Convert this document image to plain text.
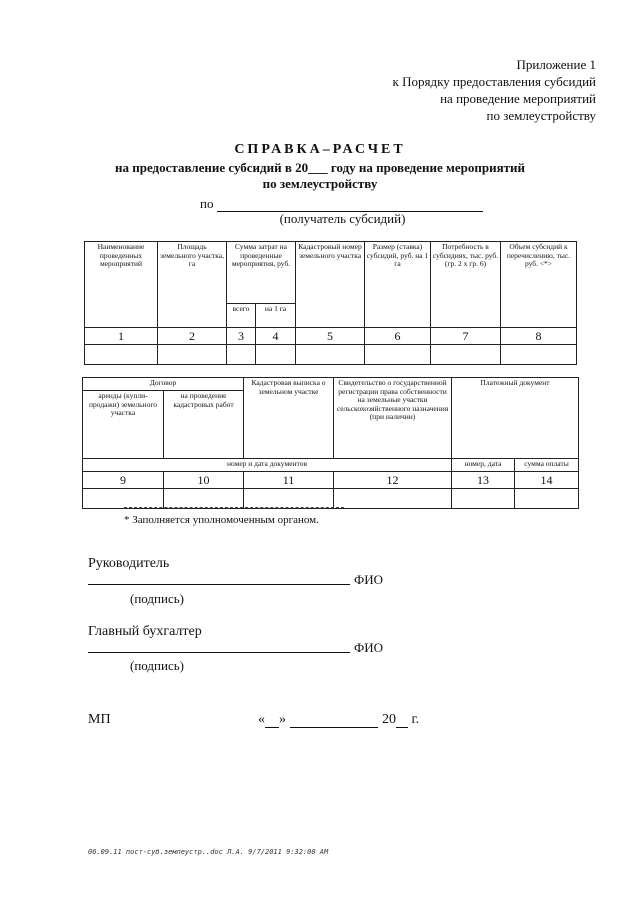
Приложение 1
к Порядку предоставления субсидий
на проведение мероприятий
по землеустройству
СПРАВКА–РАСЧЕТ
на предоставление субсидий в 20___ году на проведение мероприятий
по землеустройству
по
(получатель субсидий)
Наименование проведенных мероприятий	Площадь земельного участка, га	Сумма затрат на проведенные мероприятия, руб.		Кадастровый номер земельного участка	Размер (ставка) субсидий, руб. на 1 га	Потребность в субсидиях, тыс. руб. (гр. 2 х гр. 6)	Объем субсидий к перечислению, тыс. руб. <*>
		всего	на 1 га				
1	2	3	4	5	6	7	8

Договор		Кадастровая выписка о земельном участке	Свидетельство о государственной регистрации права собственности на земельные участки сельскохозяйственного назначения (при наличии)	Платежный документ	
аренды (купли-продажи) земельного участка	на проведение кадастровых работ				
номер и дата документов				номер, дата	сумма оплаты
9	10	11	12	13	14

* Заполняется уполномоченным органом.
Руководитель
ФИО
(подпись)
Главный бухгалтер
ФИО
(подпись)
МП	« »	20 г.
06.09.11 пост-суб.землеустр..doc Л.А. 9/7/2011 9:32:00 AM
